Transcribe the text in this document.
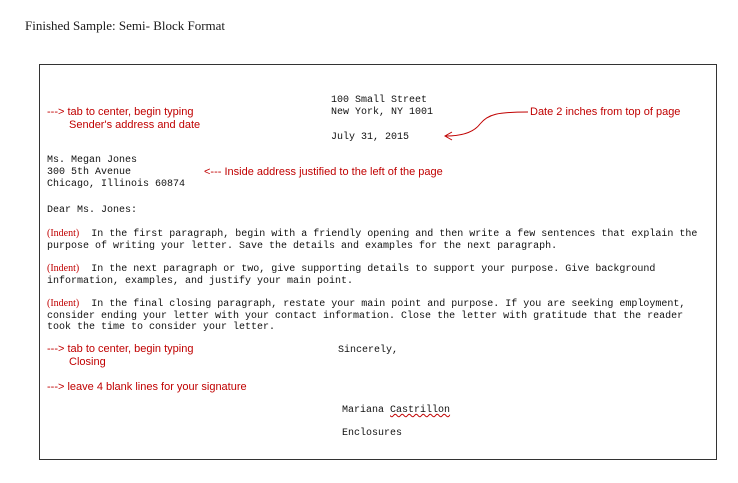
Finished Sample: Semi- Block Format
100 Small Street
New York, NY 1001
July 31, 2015
---> tab to center, begin typing
Sender's address and date
Date 2 inches from top of page
Ms. Megan Jones
300 5th Avenue
Chicago, Illinois 60874
<--- Inside address justified to the left of the page
Dear Ms. Jones:
(Indent) In the first paragraph, begin with a friendly opening and then write a few sentences that explain the purpose of writing your letter. Save the details and examples for the next paragraph.
(Indent) In the next paragraph or two, give supporting details to support your purpose. Give background information, examples, and justify your main point.
(Indent) In the final closing paragraph, restate your main point and purpose. If you are seeking employment, consider ending your letter with your contact information. Close the letter with gratitude that the reader took the time to consider your letter.
---> tab to center, begin typing
Closing
---> leave 4 blank lines for your signature
Sincerely,
Mariana Castrillon
Enclosures
